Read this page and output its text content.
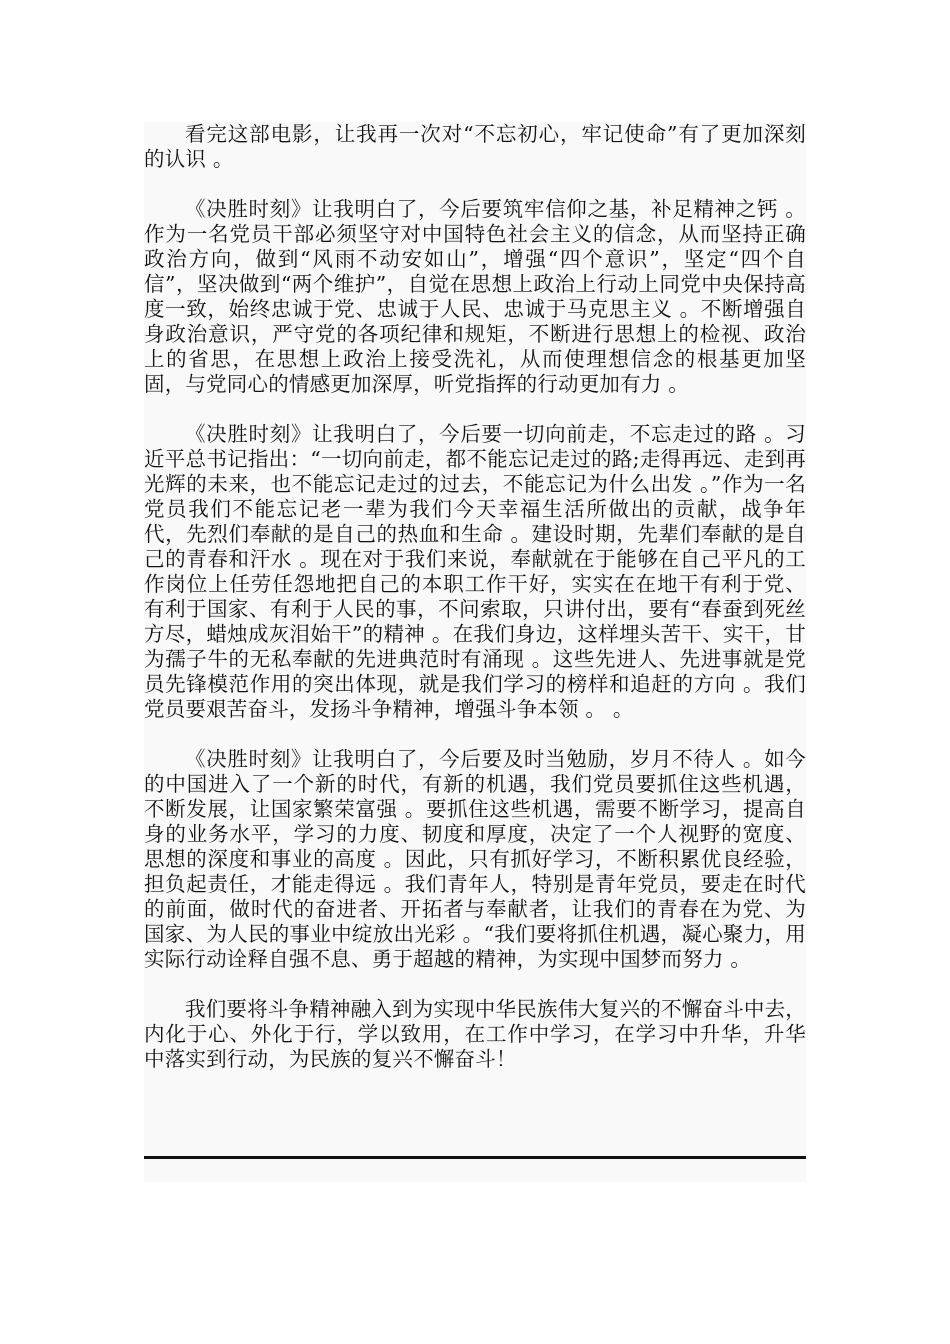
看完这部电影，让我再一次对“不忘初心，牢记使命”有了更加深刻的认识 。

《决胜时刻》让我明白了，今后要筑牢信仰之基，补足精神之钙 。作为一名党员干部必须坚守对中国特色社会主义的信念，从而坚持正确政治方向，做到“风雨不动安如山”，增强“四个意识”，坚定“四个自信”，坚决做到“两个维护”，自觉在思想上政治上行动上同党中央保持高度一致，始终忠诚于党、忠诚于人民、忠诚于马克思主义 。不断增强自身政治意识，严守党的各项纪律和规矩，不断进行思想上的检视、政治上的省思，在思想上政治上接受洗礼，从而使理想信念的根基更加坚固，与党同心的情感更加深厚，听党指挥的行动更加有力 。

《决胜时刻》让我明白了，今后要一切向前走，不忘走过的路 。习近平总书记指出：“一切向前走，都不能忘记走过的路;走得再远、走到再光辉的未来，也不能忘记走过的过去，不能忘记为什么出发 。”作为一名党员我们不能忘记老一辈为我们今天幸福生活所做出的贡献，战争年代，先烈们奉献的是自己的热血和生命 。建设时期，先辈们奉献的是自己的青春和汗水 。现在对于我们来说，奉献就在于能够在自己平凡的工作岗位上任劳任怨地把自己的本职工作干好，实实在在地干有利于党、有利于国家、有利于人民的事，不问索取，只讲付出，要有“春蚕到死丝方尽，蜡烛成灰泪始干”的精神 。在我们身边，这样埋头苦干、实干，甘为孺子牛的无私奉献的先进典范时有涌现 。这些先进人、先进事就是党员先锋模范作用的突出体现，就是我们学习的榜样和追赶的方向 。我们党员要艰苦奋斗，发扬斗争精神，增强斗争本领 。 。

《决胜时刻》让我明白了，今后要及时当勉励，岁月不待人 。如今的中国进入了一个新的时代，有新的机遇，我们党员要抓住这些机遇，不断发展，让国家繁荣富强 。要抓住这些机遇，需要不断学习，提高自身的业务水平，学习的力度、韧度和厚度，决定了一个人视野的宽度、思想的深度和事业的高度 。因此，只有抓好学习，不断积累优良经验，担负起责任，才能走得远 。我们青年人，特别是青年党员，要走在时代的前面，做时代的奋进者、开拓者与奉献者，让我们的青春在为党、为国家、为人民的事业中绽放出光彩 。“我们要将抓住机遇，凝心聚力，用实际行动诠释自强不息、勇于超越的精神，为实现中国梦而努力 。

我们要将斗争精神融入到为实现中华民族伟大复兴的不懈奋斗中去，内化于心、外化于行，学以致用，在工作中学习，在学习中升华，升华中落实到行动，为民族的复兴不懈奋斗！
